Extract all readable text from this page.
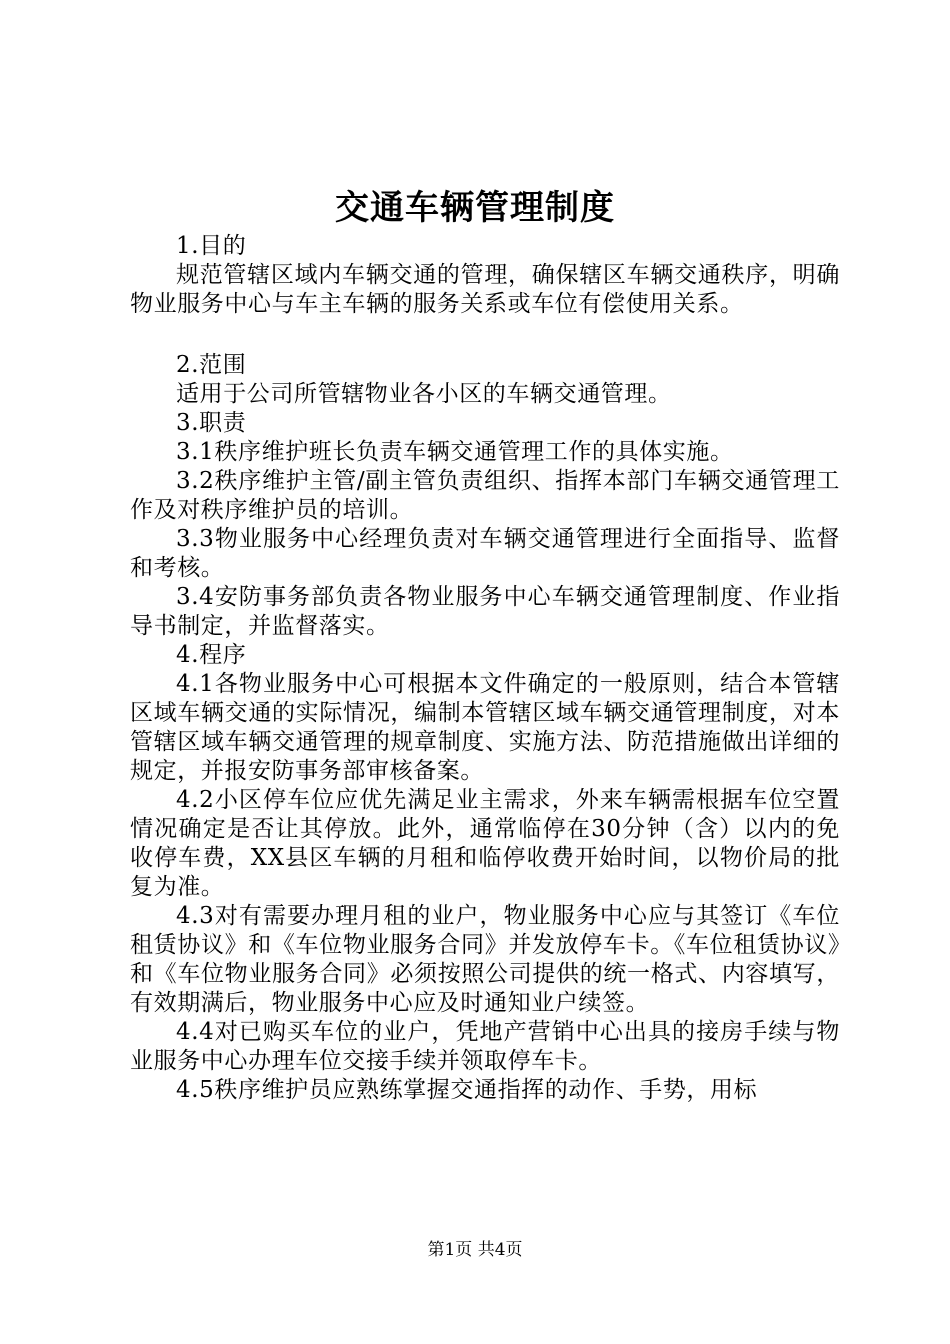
交通车辆管理制度

1.目的

规范管辖区域内车辆交通的管理，确保辖区车辆交通秩序，明确物业服务中心与车主车辆的服务关系或车位有偿使用关系。

2.范围

适用于公司所管辖物业各小区的车辆交通管理。

3.职责

3.1秩序维护班长负责车辆交通管理工作的具体实施。

3.2秩序维护主管/副主管负责组织、指挥本部门车辆交通管理工作及对秩序维护员的培训。

3.3物业服务中心经理负责对车辆交通管理进行全面指导、监督和考核。

3.4安防事务部负责各物业服务中心车辆交通管理制度、作业指导书制定，并监督落实。

4.程序

4.1各物业服务中心可根据本文件确定的一般原则，结合本管辖区域车辆交通的实际情况，编制本管辖区域车辆交通管理制度，对本管辖区域车辆交通管理的规章制度、实施方法、防范措施做出详细的规定，并报安防事务部审核备案。

4.2小区停车位应优先满足业主需求，外来车辆需根据车位空置情况确定是否让其停放。此外，通常临停在30分钟（含）以内的免收停车费，XX县区车辆的月租和临停收费开始时间，以物价局的批复为准。

4.3对有需要办理月租的业户，物业服务中心应与其签订《车位租赁协议》和《车位物业服务合同》并发放停车卡。《车位租赁协议》和《车位物业服务合同》必须按照公司提供的统一格式、内容填写，有效期满后，物业服务中心应及时通知业户续签。

4.4对已购买车位的业户，凭地产营销中心出具的接房手续与物业服务中心办理车位交接手续并领取停车卡。

4.5秩序维护员应熟练掌握交通指挥的动作、手势，用标

第1页 共4页
